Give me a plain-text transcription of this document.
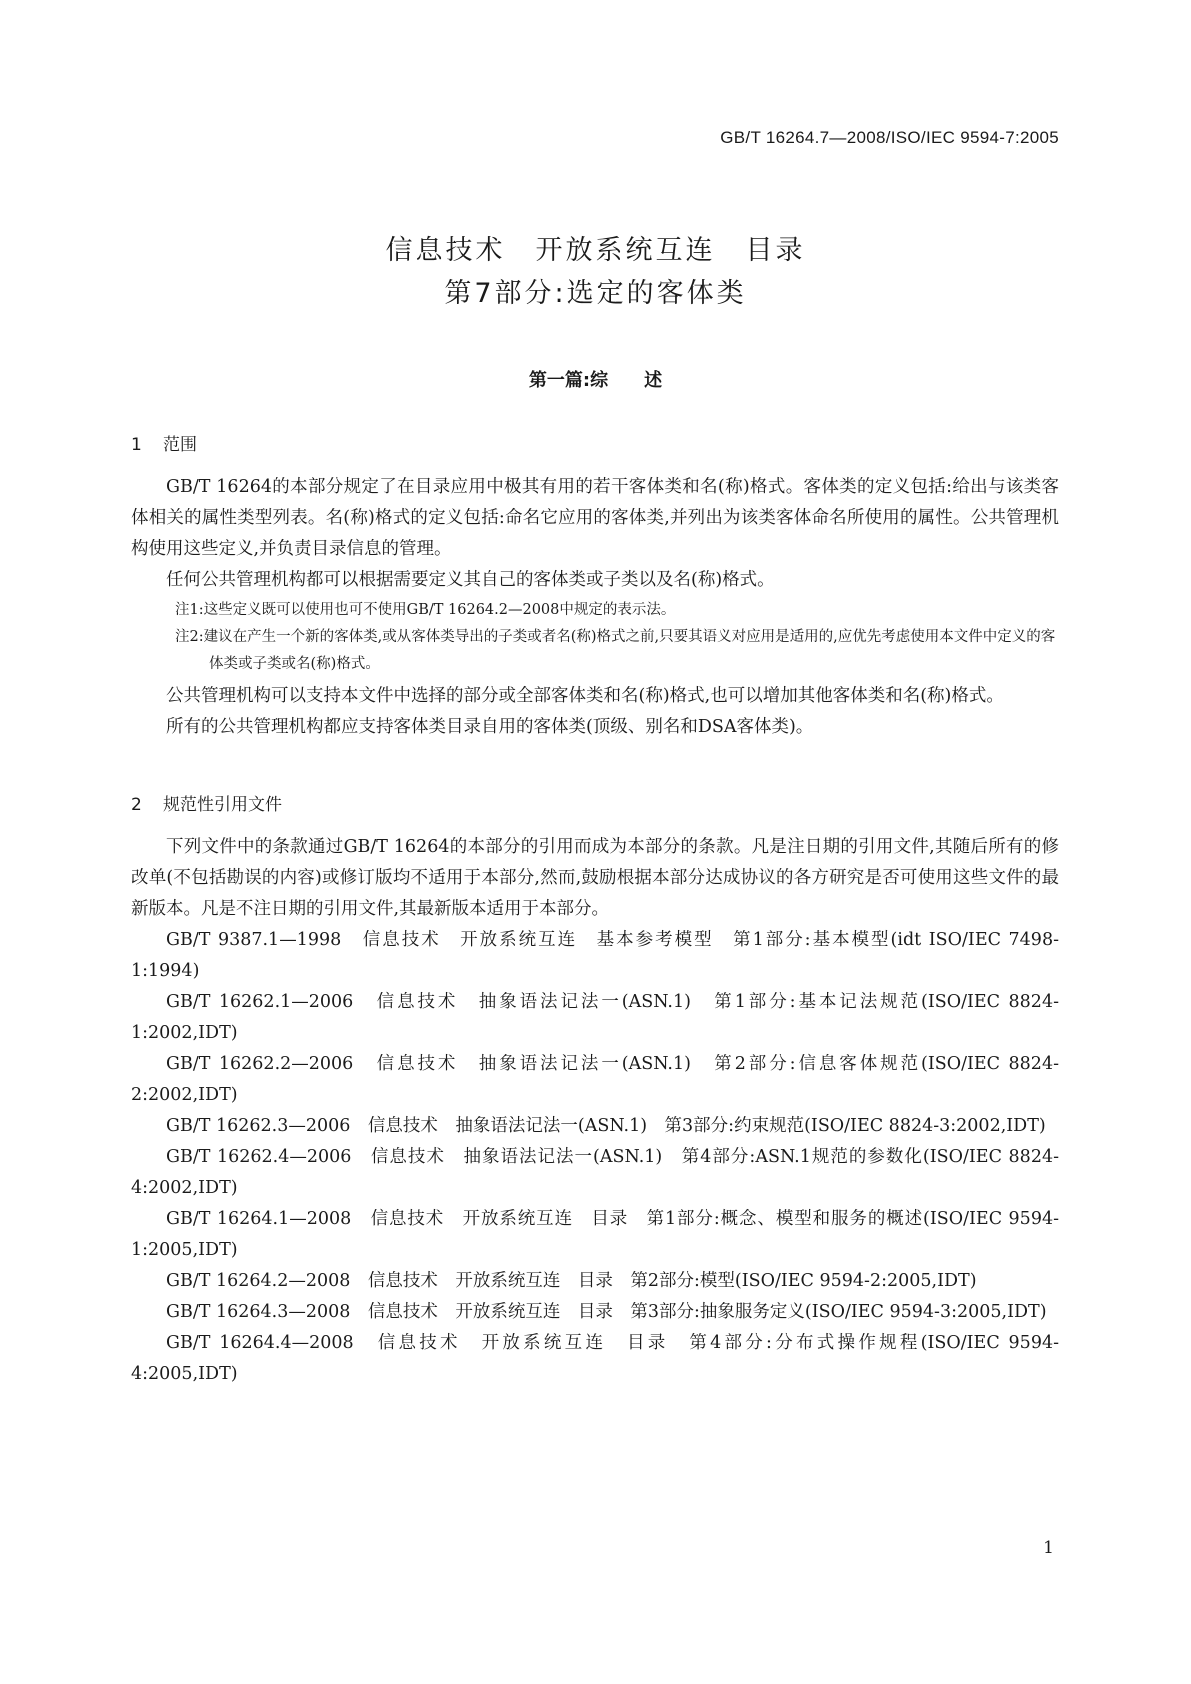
GB/T 16264.7—2008/ISO/IEC 9594-7:2005
信息技术　开放系统互连　目录
第7部分:选定的客体类
第一篇:综　　述
1 范围

GB/T 16264的本部分规定了在目录应用中极其有用的若干客体类和名(称)格式。客体类的定义包括:给出与该类客体相关的属性类型列表。名(称)格式的定义包括:命名它应用的客体类,并列出为该类客体命名所使用的属性。公共管理机构使用这些定义,并负责目录信息的管理。

任何公共管理机构都可以根据需要定义其自己的客体类或子类以及名(称)格式。

注1:这些定义既可以使用也可不使用GB/T 16264.2—2008中规定的表示法。

注2:建议在产生一个新的客体类,或从客体类导出的子类或者名(称)格式之前,只要其语义对应用是适用的,应优先考虑使用本文件中定义的客体类或子类或名(称)格式。

公共管理机构可以支持本文件中选择的部分或全部客体类和名(称)格式,也可以增加其他客体类和名(称)格式。

所有的公共管理机构都应支持客体类目录自用的客体类(顶级、别名和DSA客体类)。

2 规范性引用文件

下列文件中的条款通过GB/T 16264的本部分的引用而成为本部分的条款。凡是注日期的引用文件,其随后所有的修改单(不包括勘误的内容)或修订版均不适用于本部分,然而,鼓励根据本部分达成协议的各方研究是否可使用这些文件的最新版本。凡是不注日期的引用文件,其最新版本适用于本部分。

GB/T 9387.1—1998　信息技术　开放系统互连　基本参考模型　第1部分:基本模型(idt ISO/IEC 7498-1:1994)

GB/T 16262.1—2006　信息技术　抽象语法记法一(ASN.1)　第1部分:基本记法规范(ISO/IEC 8824-1:2002,IDT)

GB/T 16262.2—2006　信息技术　抽象语法记法一(ASN.1)　第2部分:信息客体规范(ISO/IEC 8824-2:2002,IDT)

GB/T 16262.3—2006　信息技术　抽象语法记法一(ASN.1)　第3部分:约束规范(ISO/IEC 8824-3:2002,IDT)

GB/T 16262.4—2006　信息技术　抽象语法记法一(ASN.1)　第4部分:ASN.1规范的参数化(ISO/IEC 8824-4:2002,IDT)

GB/T 16264.1—2008　信息技术　开放系统互连　目录　第1部分:概念、模型和服务的概述(ISO/IEC 9594-1:2005,IDT)

GB/T 16264.2—2008　信息技术　开放系统互连　目录　第2部分:模型(ISO/IEC 9594-2:2005,IDT)

GB/T 16264.3—2008　信息技术　开放系统互连　目录　第3部分:抽象服务定义(ISO/IEC 9594-3:2005,IDT)

GB/T 16264.4—2008　信息技术　开放系统互连　目录　第4部分:分布式操作规程(ISO/IEC 9594-4:2005,IDT)

1
